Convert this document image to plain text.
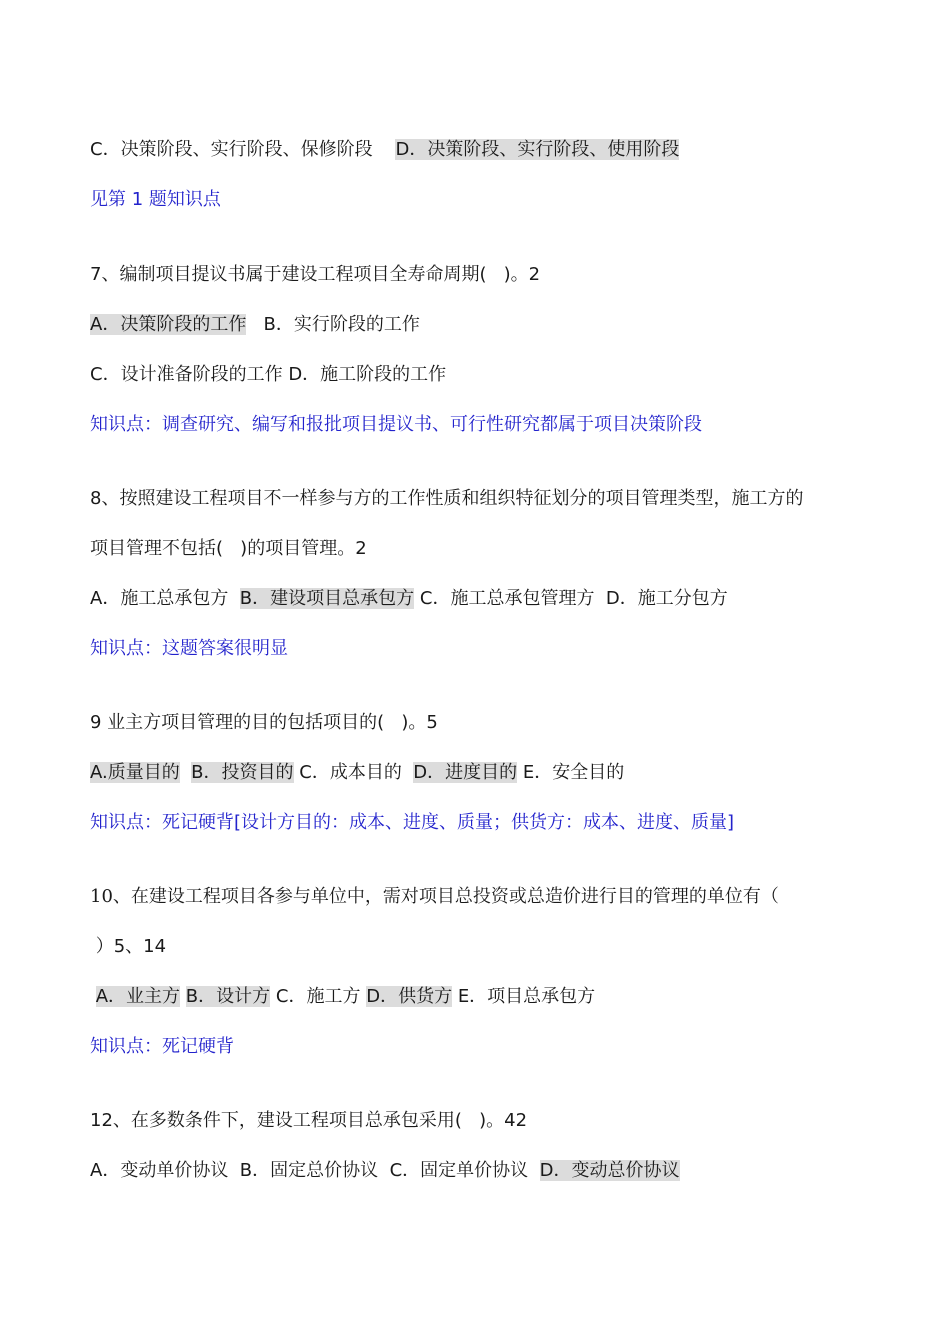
C．决策阶段、实行阶段、保修阶段 D．决策阶段、实行阶段、使用阶段
见第 1 题知识点
7、编制项目提议书属于建设工程项目全寿命周期(   )。2
A．决策阶段的工作 B．实行阶段的工作
C．设计准备阶段的工作 D．施工阶段的工作
知识点：调查研究、编写和报批项目提议书、可行性研究都属于项目决策阶段
8、按照建设工程项目不一样参与方的工作性质和组织特征划分的项目管理类型，施工方的
项目管理不包括(   )的项目管理。2
A．施工总承包方 B．建设项目总承包方 C．施工总承包管理方 D．施工分包方
知识点：这题答案很明显
9 业主方项目管理的目的包括项目的(   )。5
A.质量目的 B．投资目的 C．成本目的 D．进度目的 E．安全目的
知识点：死记硬背[设计方目的：成本、进度、质量；供货方：成本、进度、质量]
10、在建设工程项目各参与单位中，需对项目总投资或总造价进行目的管理的单位有（
）5、14
A．业主方 B．设计方 C．施工方 D．供货方 E．项目总承包方
知识点：死记硬背
12、在多数条件下，建设工程项目总承包采用(   )。42
A．变动单价协议 B．固定总价协议 C．固定单价协议 D．变动总价协议
